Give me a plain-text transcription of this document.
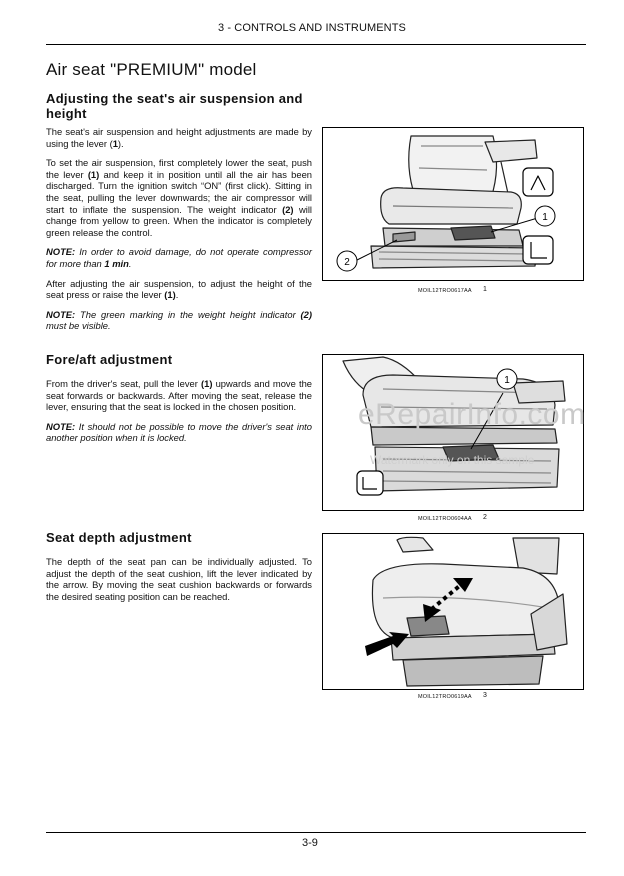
3 - CONTROLS AND INSTRUMENTS
Air seat "PREMIUM" model
Adjusting the seat's air suspension and height

The seat's air suspension and height adjustments are made by using the lever (1).

To set the air suspension, first completely lower the seat, push the lever (1) and keep it in position until all the air has been discharged. Turn the ignition switch “ON” (first click). Sitting in the seat, pulling the lever downwards; the air compressor will start to inflate the suspension. The weight indicator (2) will change from yellow to green. When the indicator is completely green release the control.

NOTE: In order to avoid damage, do not operate compressor for more than 1 min.

After adjusting the air suspension, to adjust the height of the seat press or raise the lever (1).

NOTE: The green marking in the weight height indicator (2) must be visible.

1
2
MOIL12TRO0617AA 1
Fore/aft adjustment

From the driver's seat, pull the lever (1) upwards and move the seat forwards or backwards. After moving the seat, release the lever, ensuring that the seat is locked in the chosen position.

NOTE: It should not be possible to move the driver's seat into another position when it is locked.

1
MOIL12TRO0604AA 2
eRepairInfo.com
Watermark only on this sample
Seat depth adjustment

The depth of the seat pan can be individually adjusted. To adjust the depth of the seat cushion, lift the lever indicated by the arrow. By moving the seat cushion backwards or forwards the desired seating position can be reached.

MOIL12TRO0619AA 3
3-9
